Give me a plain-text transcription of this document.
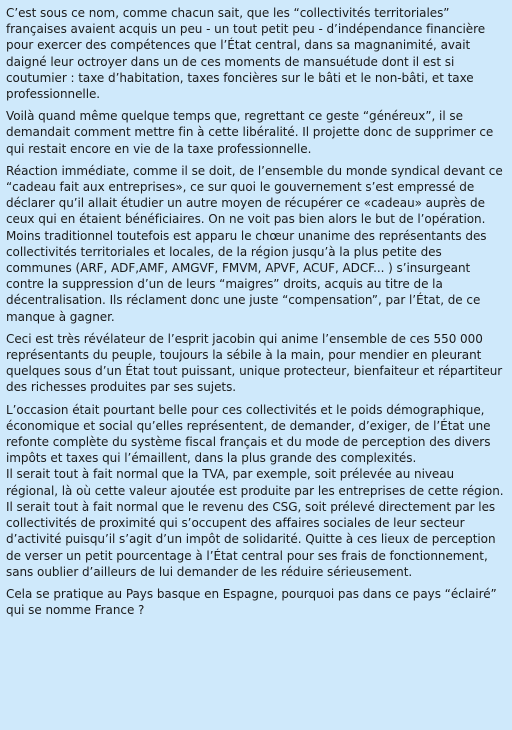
C’est sous ce nom, comme chacun sait, que les “collectivités territoriales” françaises avaient acquis un peu - un tout petit peu - d’indépendance financière pour exercer des compétences que l’État central, dans sa magnanimité, avait daigné leur octroyer dans un de ces moments de mansuétude dont il est si coutumier : taxe d’habitation, taxes foncières sur le bâti et le non-bâti, et taxe professionnelle.

Voilà quand même quelque temps que, regrettant ce geste “généreux”, il se demandait comment mettre fin à cette libéralité. Il projette donc de supprimer ce qui restait encore en vie de la taxe professionnelle.

Réaction immédiate, comme il se doit, de l’ensemble du monde syndical devant ce “cadeau fait aux entreprises», ce sur quoi le gouvernement s’est empressé de déclarer qu’il allait étudier un autre moyen de récupérer ce «cadeau» auprès de ceux qui en étaient bénéficiaires. On ne voit pas bien alors le but de l’opération.

Moins traditionnel toutefois est apparu le chœur unanime des représentants des collectivités territoriales et locales, de la région jusqu’à la plus petite des communes (ARF, ADF,AMF, AMGVF, FMVM, APVF, ACUF, ADCF... ) s’insurgeant contre la suppression d’un de leurs “maigres” droits, acquis au titre de la décentralisation. Ils réclament donc une juste “compensation”, par l’État, de ce manque à gagner.

Ceci est très révélateur de l’esprit jacobin qui anime l’ensemble de ces 550 000 représentants du peuple, toujours la sébile à la main, pour mendier en pleurant quelques sous d’un État tout puissant, unique protecteur, bienfaiteur et répartiteur des richesses produites par ses sujets.

L’occasion était pourtant belle pour ces collectivités et le poids démographique, économique et social qu’elles représentent, de demander, d’exiger, de l’État une refonte complète du système fiscal français et du mode de perception des divers impôts et taxes qui l’émaillent, dans la plus grande des complexités.

Il serait tout à fait normal que la TVA, par exemple, soit prélevée au niveau régional, là où cette valeur ajoutée est produite par les entreprises de cette région. Il serait tout à fait normal que le revenu des CSG, soit prélevé directement par les collectivités de proximité qui s’occupent des affaires sociales de leur secteur d’activité puisqu’il s’agit d’un impôt de solidarité. Quitte à ces lieux de perception de verser un petit pourcentage à l’État central pour ses frais de fonctionnement, sans oublier d’ailleurs de lui demander de les réduire sérieusement.

Cela se pratique au Pays basque en Espagne, pourquoi pas dans ce pays “éclairé” qui se nomme France ?
